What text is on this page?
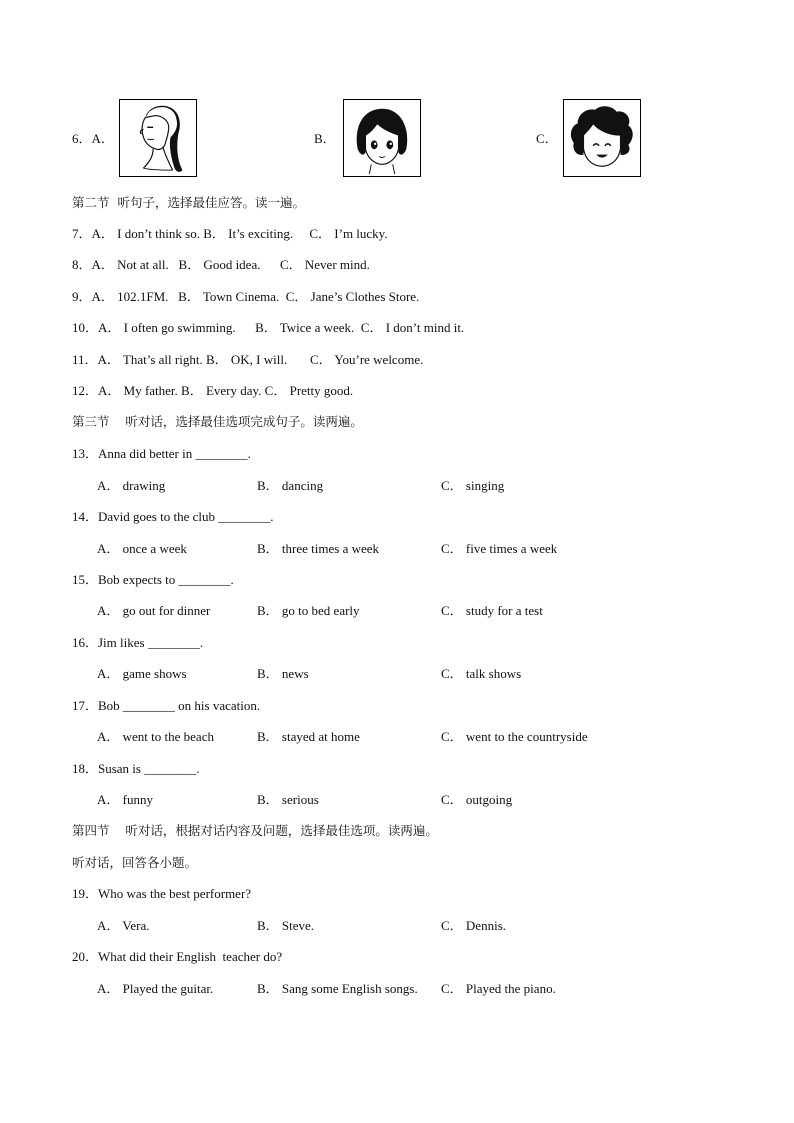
6．A．	B．	C．
第二节  听句子，选择最佳应答。读一遍。
7．A． I don’t think so. B． It’s exciting.     C． I’m lucky.
8．A． Not at all.   B． Good idea.      C． Never mind.
9．A． 102.1FM.   B． Town Cinema.  C． Jane’s Clothes Store.
10．A． I often go swimming.      B． Twice a week.  C． I don’t mind it.
11．A． That’s all right. B． OK, I will.       C． You’re welcome.
12．A． My father. B． Every day. C． Pretty good.
第三节    听对话，选择最佳选项完成句子。读两遍。
13．Anna did better in ________.
A． drawing	B． dancing	C． singing
14．David goes to the club ________.
A． once a week	B． three times a week	C． five times a week
15．Bob expects to ________.
A． go out for dinner	B． go to bed early	C． study for a test
16．Jim likes ________.
A． game shows	B． news	C． talk shows
17．Bob ________ on his vacation.
A． went to the beach	B． stayed at home	C． went to the countryside
18．Susan is ________.
A． funny	B． serious	C． outgoing
第四节    听对话，根据对话内容及问题，选择最佳选项。读两遍。
听对话，回答各小题。
19．Who was the best performer?
A． Vera.	B． Steve.	C． Dennis.
20．What did their English  teacher do?
A． Played the guitar.	B． Sang some English songs. C． Played the piano.
